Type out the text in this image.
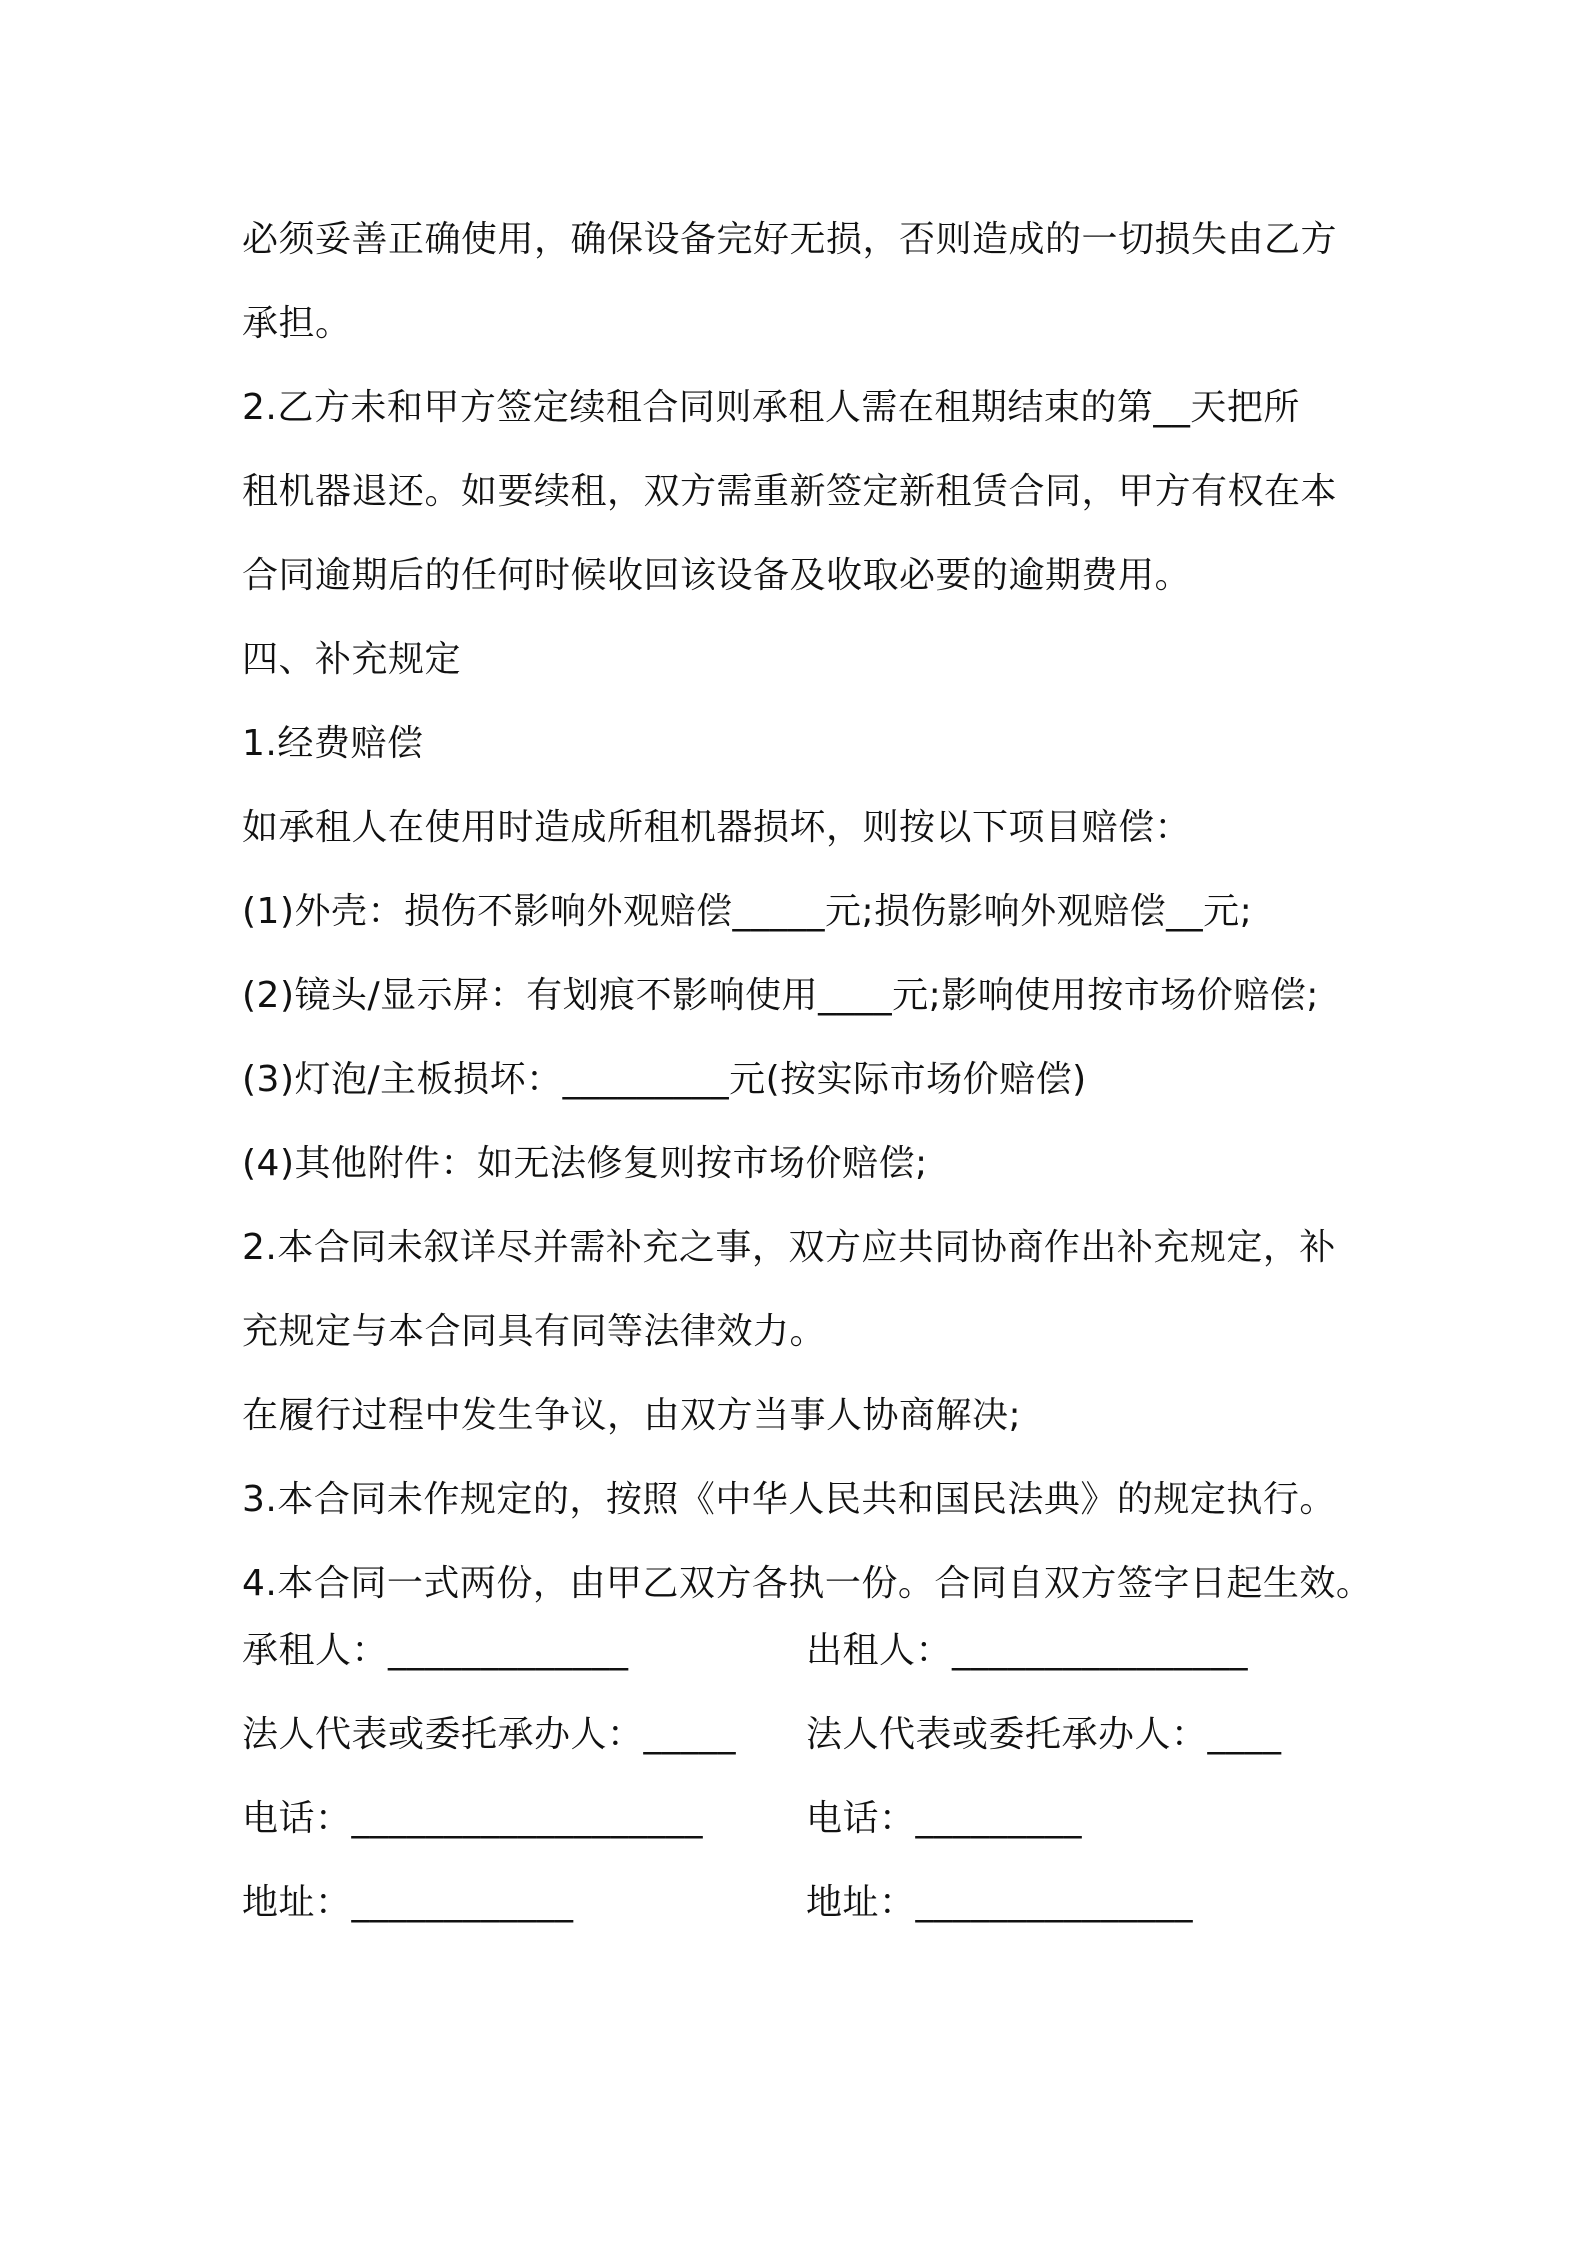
必须妥善正确使用，确保设备完好无损，否则造成的一切损失由乙方
承担。
2.乙方未和甲方签定续租合同则承租人需在租期结束的第__天把所
租机器退还。如要续租，双方需重新签定新租赁合同，甲方有权在本
合同逾期后的任何时候收回该设备及收取必要的逾期费用。
四、补充规定
1.经费赔偿
如承租人在使用时造成所租机器损坏，则按以下项目赔偿：
(1)外壳：损伤不影响外观赔偿_____元;损伤影响外观赔偿__元;
(2)镜头/显示屏：有划痕不影响使用____元;影响使用按市场价赔偿;
(3)灯泡/主板损坏：_________元(按实际市场价赔偿)
(4)其他附件：如无法修复则按市场价赔偿;
2.本合同未叙详尽并需补充之事，双方应共同协商作出补充规定，补
充规定与本合同具有同等法律效力。
在履行过程中发生争议，由双方当事人协商解决;
3.本合同未作规定的，按照《中华人民共和国民法典》的规定执行。
4.本合同一式两份，由甲乙双方各执一份。合同自双方签字日起生效。
承租人：_____________	出租人：________________
法人代表或委托承办人：_____	法人代表或委托承办人：____
电话：___________________	电话：_________
地址：____________	地址：_______________
